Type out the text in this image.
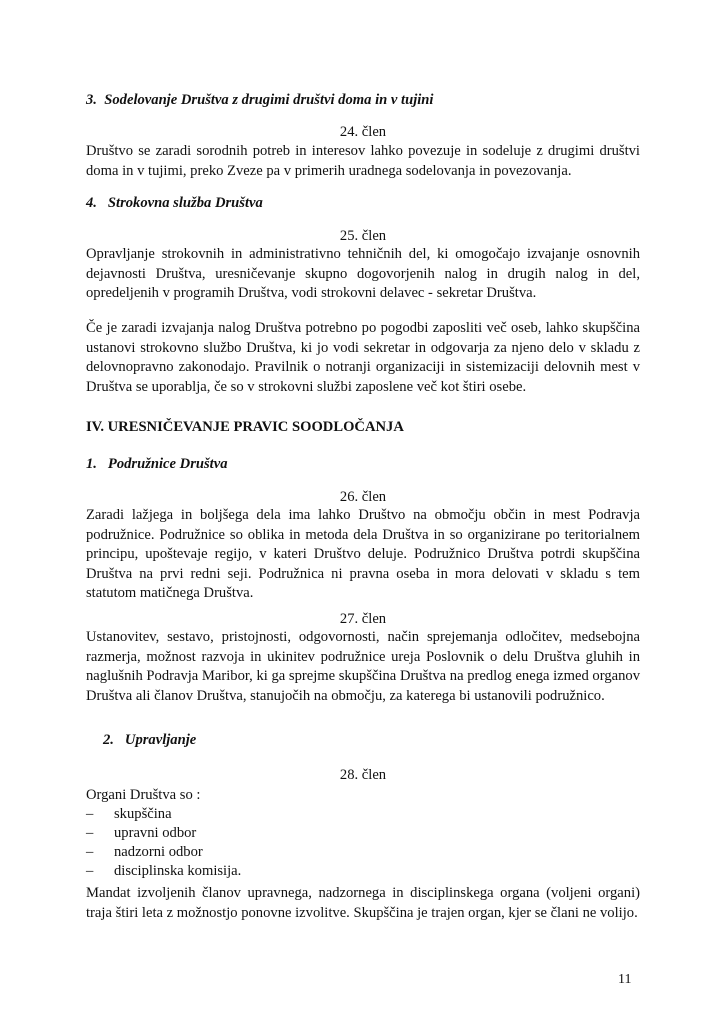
3. Sodelovanje Društva z drugimi društvi doma in v tujini

24. člen

Društvo se zaradi sorodnih potreb in interesov lahko povezuje in sodeluje z drugimi društvi doma in v tujimi, preko Zveze pa v primerih uradnega sodelovanja in povezovanja.

4. Strokovna služba Društva

25. člen

Opravljanje strokovnih in administrativno tehničnih del, ki omogočajo izvajanje osnovnih dejavnosti Društva, uresničevanje skupno dogovorjenih nalog in drugih nalog in del, opredeljenih v programih Društva, vodi strokovni delavec - sekretar Društva.

Če je zaradi izvajanja nalog Društva potrebno po pogodbi zaposliti več oseb, lahko skupščina ustanovi strokovno službo Društva, ki jo vodi sekretar in odgovarja za njeno delo v skladu z delovnopravno zakonodajo. Pravilnik o notranji organizaciji in sistemizaciji delovnih mest v Društva se uporablja, če so v strokovni službi zaposlene več kot štiri osebe.

IV. URESNIČEVANJE PRAVIC SOODLOČANJA

1. Podružnice Društva

26. člen

Zaradi lažjega in boljšega dela ima lahko Društvo na območju občin in mest Podravja podružnice. Podružnice so oblika in metoda dela Društva in so organizirane po teritorialnem principu, upoštevaje regijo, v kateri Društvo deluje. Podružnico Društva potrdi skupščina Društva na prvi redni seji. Podružnica ni pravna oseba in mora delovati v skladu s tem statutom matičnega Društva.

27. člen

Ustanovitev, sestavo, pristojnosti, odgovornosti, način sprejemanja odločitev, medsebojna razmerja, možnost razvoja in ukinitev podružnice ureja Poslovnik o delu Društva gluhih in naglušnih Podravja Maribor, ki ga sprejme skupščina Društva na predlog enega izmed organov Društva ali članov Društva, stanujočih na območju, za katerega bi ustanovili podružnico.

2. Upravljanje

28. člen

Organi Društva so :

– skupščina
– upravni odbor
– nadzorni odbor
– disciplinska komisija.

Mandat izvoljenih članov upravnega, nadzornega in disciplinskega organa (voljeni organi) traja štiri leta z možnostjo ponovne izvolitve. Skupščina je trajen organ, kjer se člani ne volijo.

11
